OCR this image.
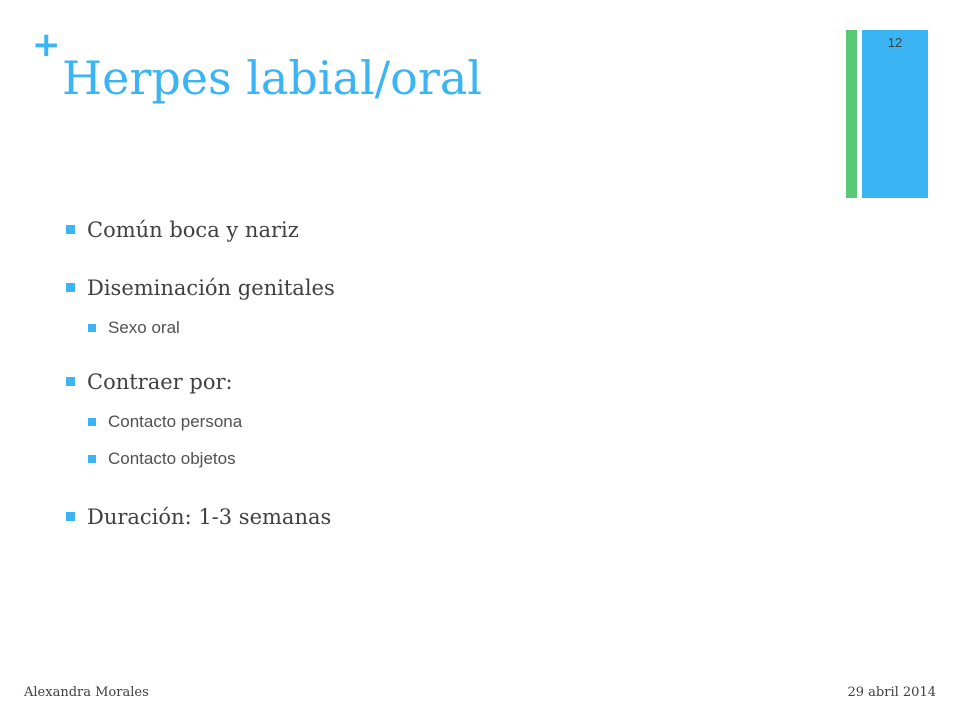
+
Herpes labial/oral
12
Común boca y nariz
Diseminación genitales
Sexo oral
Contraer por:
Contacto persona
Contacto objetos
Duración: 1-3 semanas
Alexandra Morales	29 abril 2014
